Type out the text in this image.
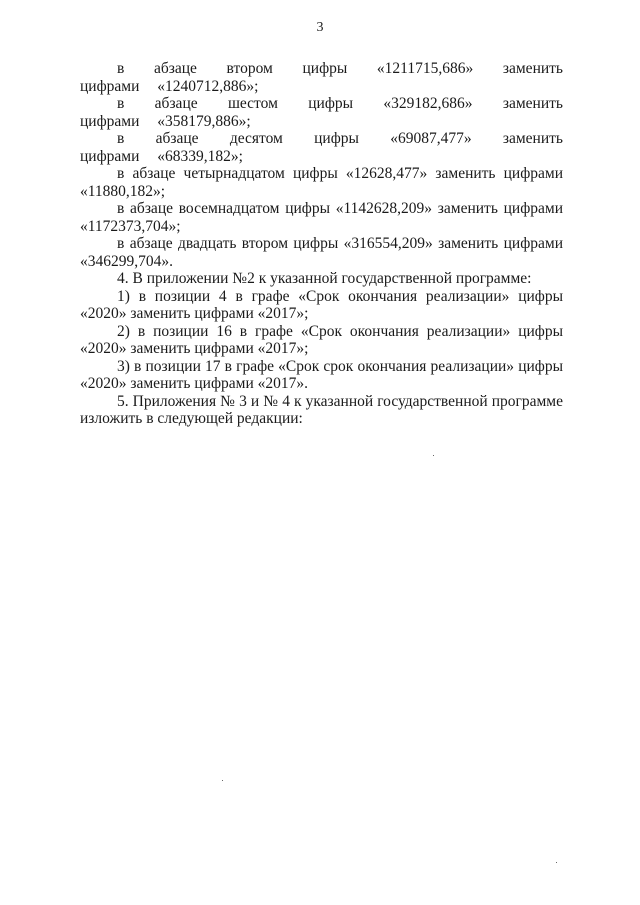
3

в абзаце втором цифры «1211715,686» заменить цифрами «1240712,886»;

в абзаце шестом цифры «329182,686» заменить цифрами «358179,886»;

в абзаце десятом цифры «69087,477» заменить цифрами «68339,182»;

в абзаце четырнадцатом цифры «12628,477» заменить цифрами «11880,182»;

в абзаце восемнадцатом цифры «1142628,209» заменить цифрами «1172373,704»;

в абзаце двадцать втором цифры «316554,209» заменить цифрами «346299,704».

4. В приложении №2 к указанной государственной программе:

1) в позиции 4 в графе «Срок окончания реализации» цифры «2020» заменить цифрами «2017»;

2) в позиции 16 в графе «Срок окончания реализации» цифры «2020» заменить цифрами «2017»;

3) в позиции 17 в графе «Срок срок окончания реализации» цифры «2020» заменить цифрами «2017».

5. Приложения № 3 и № 4 к указанной государственной программе изложить в следующей редакции:
